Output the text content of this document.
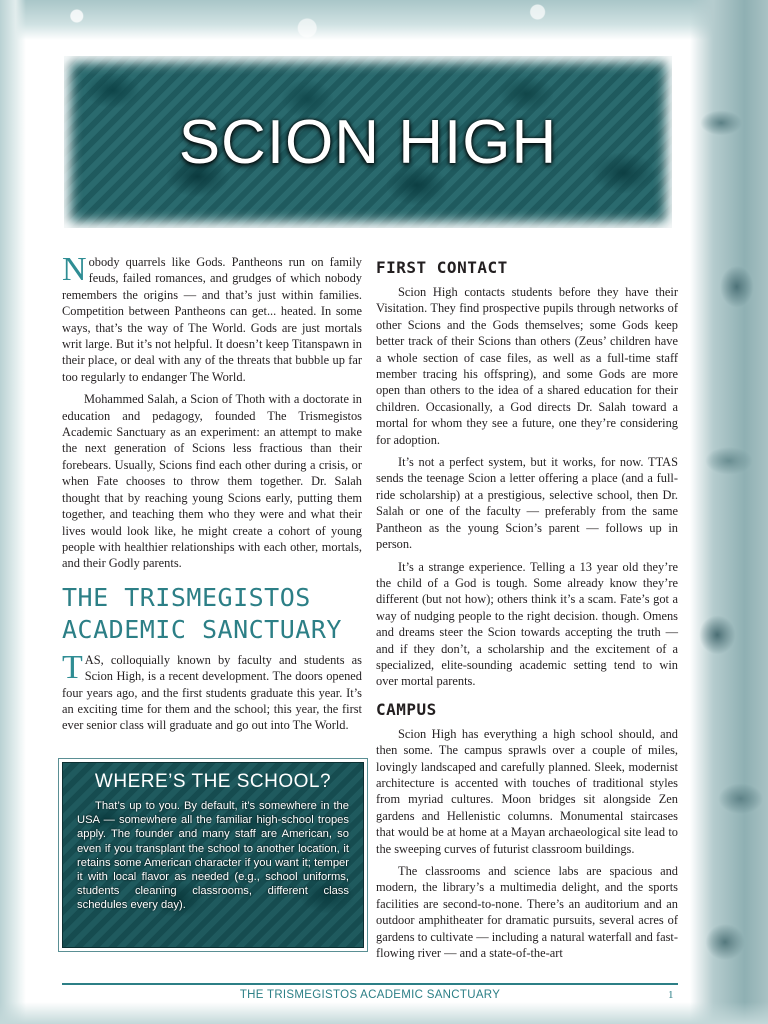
SCION HIGH

Nobody quarrels like Gods. Pantheons run on family feuds, failed romances, and grudges of which nobody remembers the origins — and that’s just within families. Competition between Pantheons can get... heated. In some ways, that’s the way of The World. Gods are just mortals writ large. But it’s not helpful. It doesn’t keep Titanspawn in their place, or deal with any of the threats that bubble up far too regularly to endanger The World.

Mohammed Salah, a Scion of Thoth with a doctorate in education and pedagogy, founded The Trismegistos Academic Sanctuary as an experiment: an attempt to make the next generation of Scions less fractious than their forebears. Usually, Scions find each other during a crisis, or when Fate chooses to throw them together. Dr. Salah thought that by reaching young Scions early, putting them together, and teaching them who they were and what their lives would look like, he might create a cohort of young people with healthier relationships with each other, mortals, and their Godly parents.

THE TRISMEGISTOS ACADEMIC SANCTUARY

TAS, colloquially known by faculty and students as Scion High, is a recent development. The doors opened four years ago, and the first students graduate this year. It’s an exciting time for them and the school; this year, the first ever senior class will graduate and go out into The World.

WHERE’S THE SCHOOL?

That’s up to you. By default, it’s somewhere in the USA — somewhere all the familiar high-school tropes apply. The founder and many staff are American, so even if you transplant the school to another location, it retains some American character if you want it; temper it with local flavor as needed (e.g., school uniforms, students cleaning classrooms, different class schedules every day).

FIRST CONTACT

Scion High contacts students before they have their Visitation. They find prospective pupils through networks of other Scions and the Gods themselves; some Gods keep better track of their Scions than others (Zeus’ children have a whole section of case files, as well as a full-time staff member tracing his offspring), and some Gods are more open than others to the idea of a shared education for their children. Occasionally, a God directs Dr. Salah toward a mortal for whom they see a future, one they’re considering for adoption.

It’s not a perfect system, but it works, for now. TTAS sends the teenage Scion a letter offering a place (and a full-ride scholarship) at a prestigious, selective school, then Dr. Salah or one of the faculty — preferably from the same Pantheon as the young Scion’s parent — follows up in person.

It’s a strange experience. Telling a 13 year old they’re the child of a God is tough. Some already know they’re different (but not how); others think it’s a scam. Fate’s got a way of nudging people to the right decision. though. Omens and dreams steer the Scion towards accepting the truth — and if they don’t, a scholarship and the excitement of a specialized, elite-sounding academic setting tend to win over mortal parents.

CAMPUS

Scion High has everything a high school should, and then some. The campus sprawls over a couple of miles, lovingly landscaped and carefully planned. Sleek, modernist architecture is accented with touches of traditional styles from myriad cultures. Moon bridges sit alongside Zen gardens and Hellenistic columns. Monumental staircases that would be at home at a Mayan archaeological site lead to the sweeping curves of futurist classroom buildings.

The classrooms and science labs are spacious and modern, the library’s a multimedia delight, and the sports facilities are second-to-none. There’s an auditorium and an outdoor amphitheater for dramatic pursuits, several acres of gardens to cultivate — including a natural waterfall and fast-flowing river — and a state-of-the-art

THE TRISMEGISTOS ACADEMIC SANCTUARY	1
